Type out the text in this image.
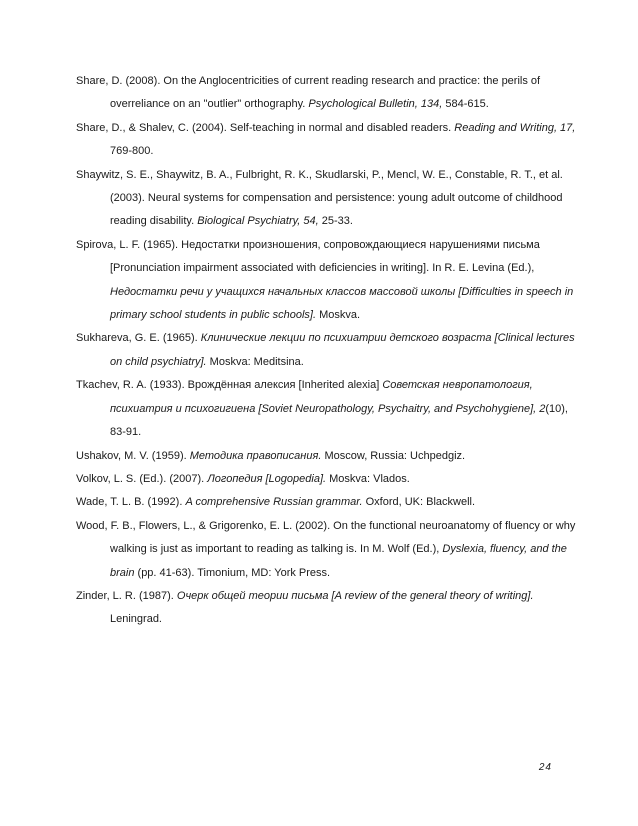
Share, D. (2008). On the Anglocentricities of current reading research and practice: the perils of overreliance on an "outlier" orthography. Psychological Bulletin, 134, 584-615.
Share, D., & Shalev, C. (2004). Self-teaching in normal and disabled readers. Reading and Writing, 17, 769-800.
Shaywitz, S. E., Shaywitz, B. A., Fulbright, R. K., Skudlarski, P., Mencl, W. E., Constable, R. T., et al. (2003). Neural systems for compensation and persistence: young adult outcome of childhood reading disability. Biological Psychiatry, 54, 25-33.
Spirova, L. F. (1965). Недостатки произношения, сопровождающиеся нарушениями письма [Pronunciation impairment associated with deficiencies in writing]. In R. E. Levina (Ed.), Недостатки речи у учащихся начальных классов массовой школы [Difficulties in speech in primary school students in public schools]. Moskva.
Sukhareva, G. E. (1965). Клинические лекции по психиатрии детского возраста [Clinical lectures on child psychiatry]. Moskva: Meditsina.
Tkachev, R. A. (1933). Врождённая алексия [Inherited alexia] Советская невропатология, психиатрия и психогигиена [Soviet Neuropathology, Psychaitry, and Psychohygiene], 2(10), 83-91.
Ushakov, M. V. (1959). Методика правописания. Moscow, Russia: Uchpedgiz.
Volkov, L. S. (Ed.). (2007). Логопедия [Logopedia]. Moskva: Vlados.
Wade, T. L. B. (1992). A comprehensive Russian grammar. Oxford, UK: Blackwell.
Wood, F. B., Flowers, L., & Grigorenko, E. L. (2002). On the functional neuroanatomy of fluency or why walking is just as important to reading as talking is. In M. Wolf (Ed.), Dyslexia, fluency, and the brain (pp. 41-63). Timonium, MD: York Press.
Zinder, L. R. (1987). Очерк общей теории письма [A review of the general theory of writing]. Leningrad.
24
